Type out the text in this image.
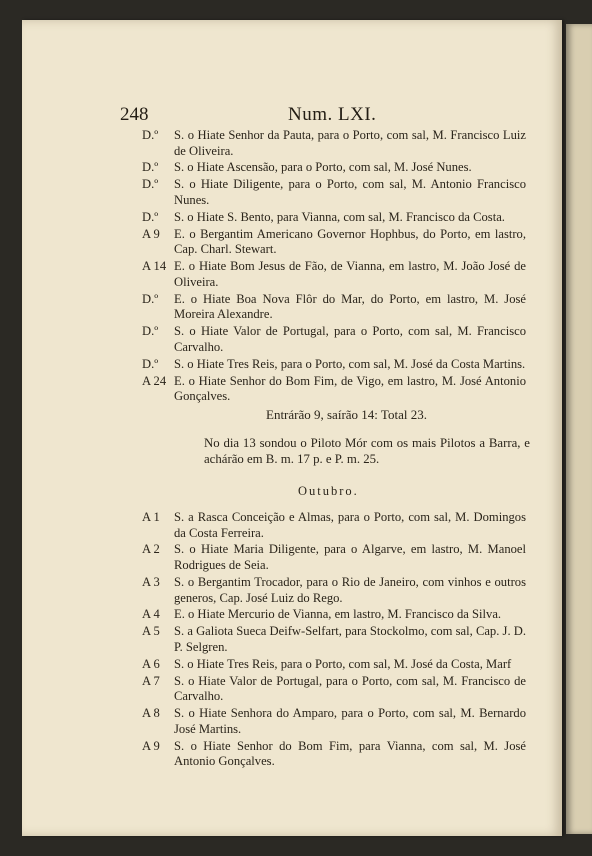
248	Num. LXI.
D.º	S. o Hiate Senhor da Pauta, para o Porto, com sal, M. Francisco Luiz de Oliveira.
D.º	S. o Hiate Ascensão, para o Porto, com sal, M. José Nunes.
D.º	S. o Hiate Diligente, para o Porto, com sal, M. Antonio Francisco Nunes.
D.º	S. o Hiate S. Bento, para Vianna, com sal, M. Francisco da Costa.
A 9	E. o Bergantim Americano Governor Hophbus, do Porto, em lastro, Cap. Charl. Stewart.
A 14 E. o Hiate Bom Jesus de Fão, de Vianna, em lastro, M. João José de Oliveira.
D.º	E. o Hiate Boa Nova Flôr do Mar, do Porto, em lastro, M. José Moreira Alexandre.
D.º	S. o Hiate Valor de Portugal, para o Porto, com sal, M. Francisco Carvalho.
D.º	S. o Hiate Tres Reis, para o Porto, com sal, M. José da Costa Martins.
A 24 E. o Hiate Senhor do Bom Fim, de Vigo, em lastro, M. José Antonio Gonçalves.
Entrárão 9, saírão 14: Total 23.

No dia 13 sondou o Piloto Mór com os mais Pilotos a Barra, e achárão em B. m. 17 p. e P. m. 25.

Outubro.
A 1	S. a Rasca Conceição e Almas, para o Porto, com sal, M. Domingos da Costa Ferreira.
A 2	S. o Hiate Maria Diligente, para o Algarve, em lastro, M. Manoel Rodrigues de Seia.
A 3	S. o Bergantim Trocador, para o Rio de Janeiro, com vinhos e outros generos, Cap. José Luiz do Rego.
A 4	E. o Hiate Mercurio de Vianna, em lastro, M. Francisco da Silva.
A 5	S. a Galiota Sueca Deifw-Selfart, para Stockolmo, com sal, Cap. J. D. P. Selgren.
A 6	S. o Hiate Tres Reis, para o Porto, com sal, M. José da Costa, Marf
A 7	S. o Hiate Valor de Portugal, para o Porto, com sal, M. Francisco de Carvalho.
A 8	S. o Hiate Senhora do Amparo, para o Porto, com sal, M. Bernardo José Martins.
A 9	S. o Hiate Senhor do Bom Fim, para Vianna, com sal, M. José Antonio Gonçalves.
